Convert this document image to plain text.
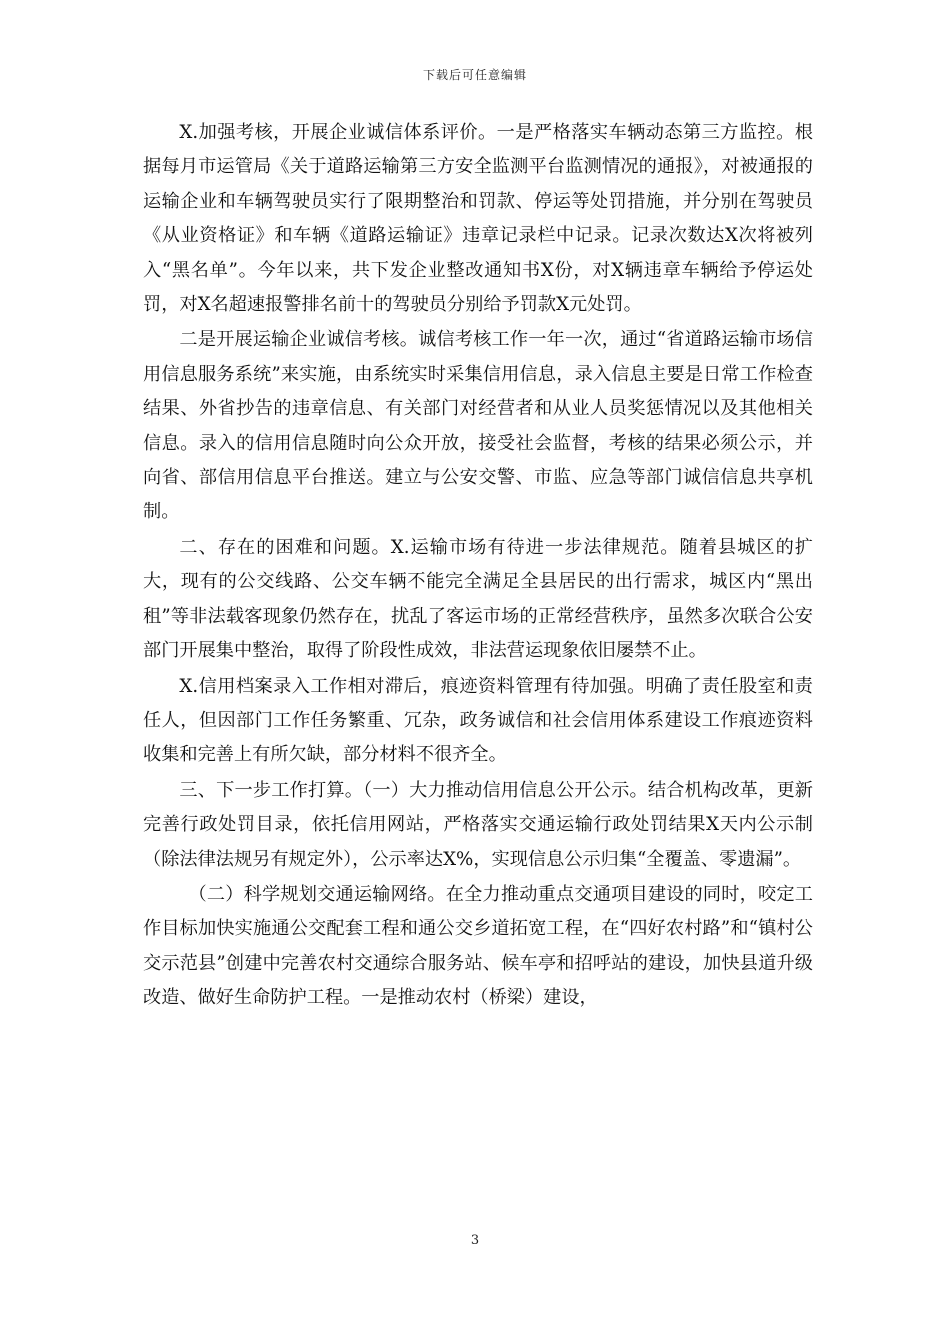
下载后可任意编辑

X.加强考核，开展企业诚信体系评价。一是严格落实车辆动态第三方监控。根据每月市运管局《关于道路运输第三方安全监测平台监测情况的通报》，对被通报的运输企业和车辆驾驶员实行了限期整治和罚款、停运等处罚措施，并分别在驾驶员《从业资格证》和车辆《道路运输证》违章记录栏中记录。记录次数达X次将被列入“黑名单”。今年以来，共下发企业整改通知书X份，对X辆违章车辆给予停运处罚，对X名超速报警排名前十的驾驶员分别给予罚款X元处罚。

二是开展运输企业诚信考核。诚信考核工作一年一次，通过“省道路运输市场信用信息服务系统”来实施，由系统实时采集信用信息，录入信息主要是日常工作检查结果、外省抄告的违章信息、有关部门对经营者和从业人员奖惩情况以及其他相关信息。录入的信用信息随时向公众开放，接受社会监督，考核的结果必须公示，并向省、部信用信息平台推送。建立与公安交警、市监、应急等部门诚信信息共享机制。

二、存在的困难和问题。X.运输市场有待进一步法律规范。随着县城区的扩大，现有的公交线路、公交车辆不能完全满足全县居民的出行需求，城区内“黑出租”等非法载客现象仍然存在，扰乱了客运市场的正常经营秩序，虽然多次联合公安部门开展集中整治，取得了阶段性成效，非法营运现象依旧屡禁不止。

X.信用档案录入工作相对滞后，痕迹资料管理有待加强。明确了责任股室和责任人，但因部门工作任务繁重、冗杂，政务诚信和社会信用体系建设工作痕迹资料收集和完善上有所欠缺，部分材料不很齐全。

三、下一步工作打算。（一）大力推动信用信息公开公示。结合机构改革，更新完善行政处罚目录，依托信用网站，严格落实交通运输行政处罚结果X天内公示制（除法律法规另有规定外），公示率达X%，实现信息公示归集“全覆盖、零遗漏”。

（二）科学规划交通运输网络。在全力推动重点交通项目建设的同时，咬定工作目标加快实施通公交配套工程和通公交乡道拓宽工程，在“四好农村路”和“镇村公交示范县”创建中完善农村交通综合服务站、候车亭和招呼站的建设，加快县道升级改造、做好生命防护工程。一是推动农村（桥梁）建设，

3
